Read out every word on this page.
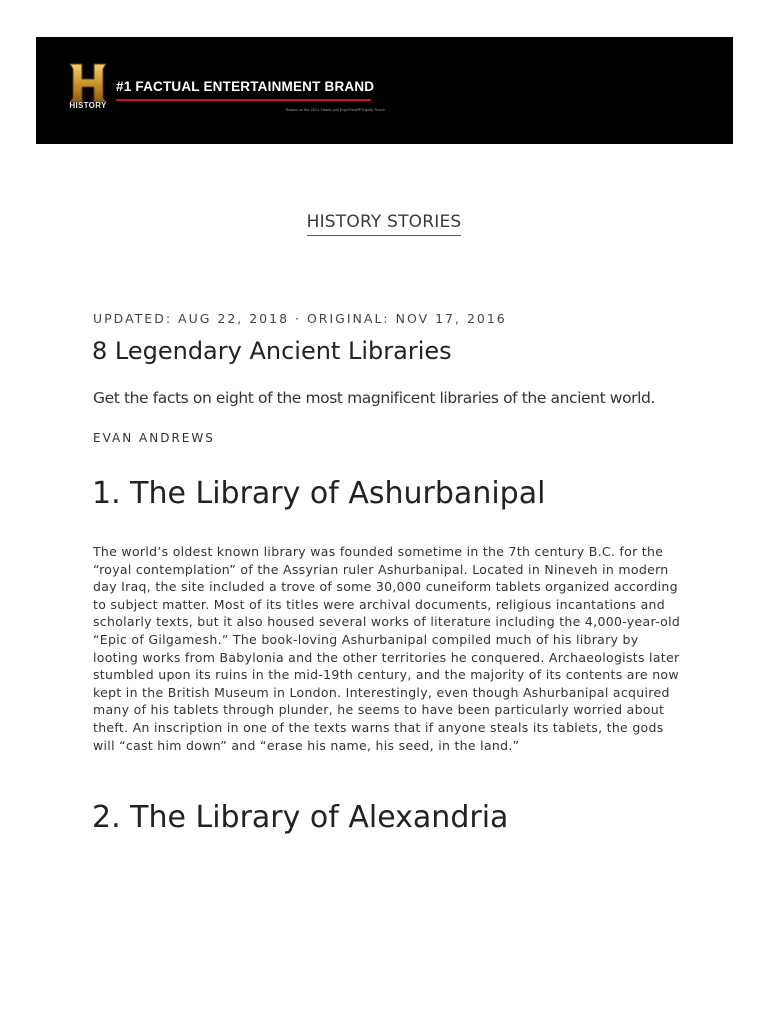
HISTORY
#1 FACTUAL ENTERTAINMENT BRAND
Based on the 2021 Harris poll EquiTrend® Equity Score
HISTORY STORIES
UPDATED: AUG 22, 2018 · ORIGINAL: NOV 17, 2016
8 Legendary Ancient Libraries

Get the facts on eight of the most magnificent libraries of the ancient world.

EVAN ANDREWS
1. The Library of Ashurbanipal

The world’s oldest known library was founded sometime in the 7th century B.C. for the “royal contemplation” of the Assyrian ruler Ashurbanipal. Located in Nineveh in modern day Iraq, the site included a trove of some 30,000 cuneiform tablets organized according to subject matter. Most of its titles were archival documents, religious incantations and scholarly texts, but it also housed several works of literature including the 4,000-year-old “Epic of Gilgamesh.” The book-loving Ashurbanipal compiled much of his library by looting works from Babylonia and the other territories he conquered. Archaeologists later stumbled upon its ruins in the mid-19th century, and the majority of its contents are now kept in the British Museum in London. Interestingly, even though Ashurbanipal acquired many of his tablets through plunder, he seems to have been particularly worried about theft. An inscription in one of the texts warns that if anyone steals its tablets, the gods will “cast him down” and “erase his name, his seed, in the land.”

2. The Library of Alexandria
